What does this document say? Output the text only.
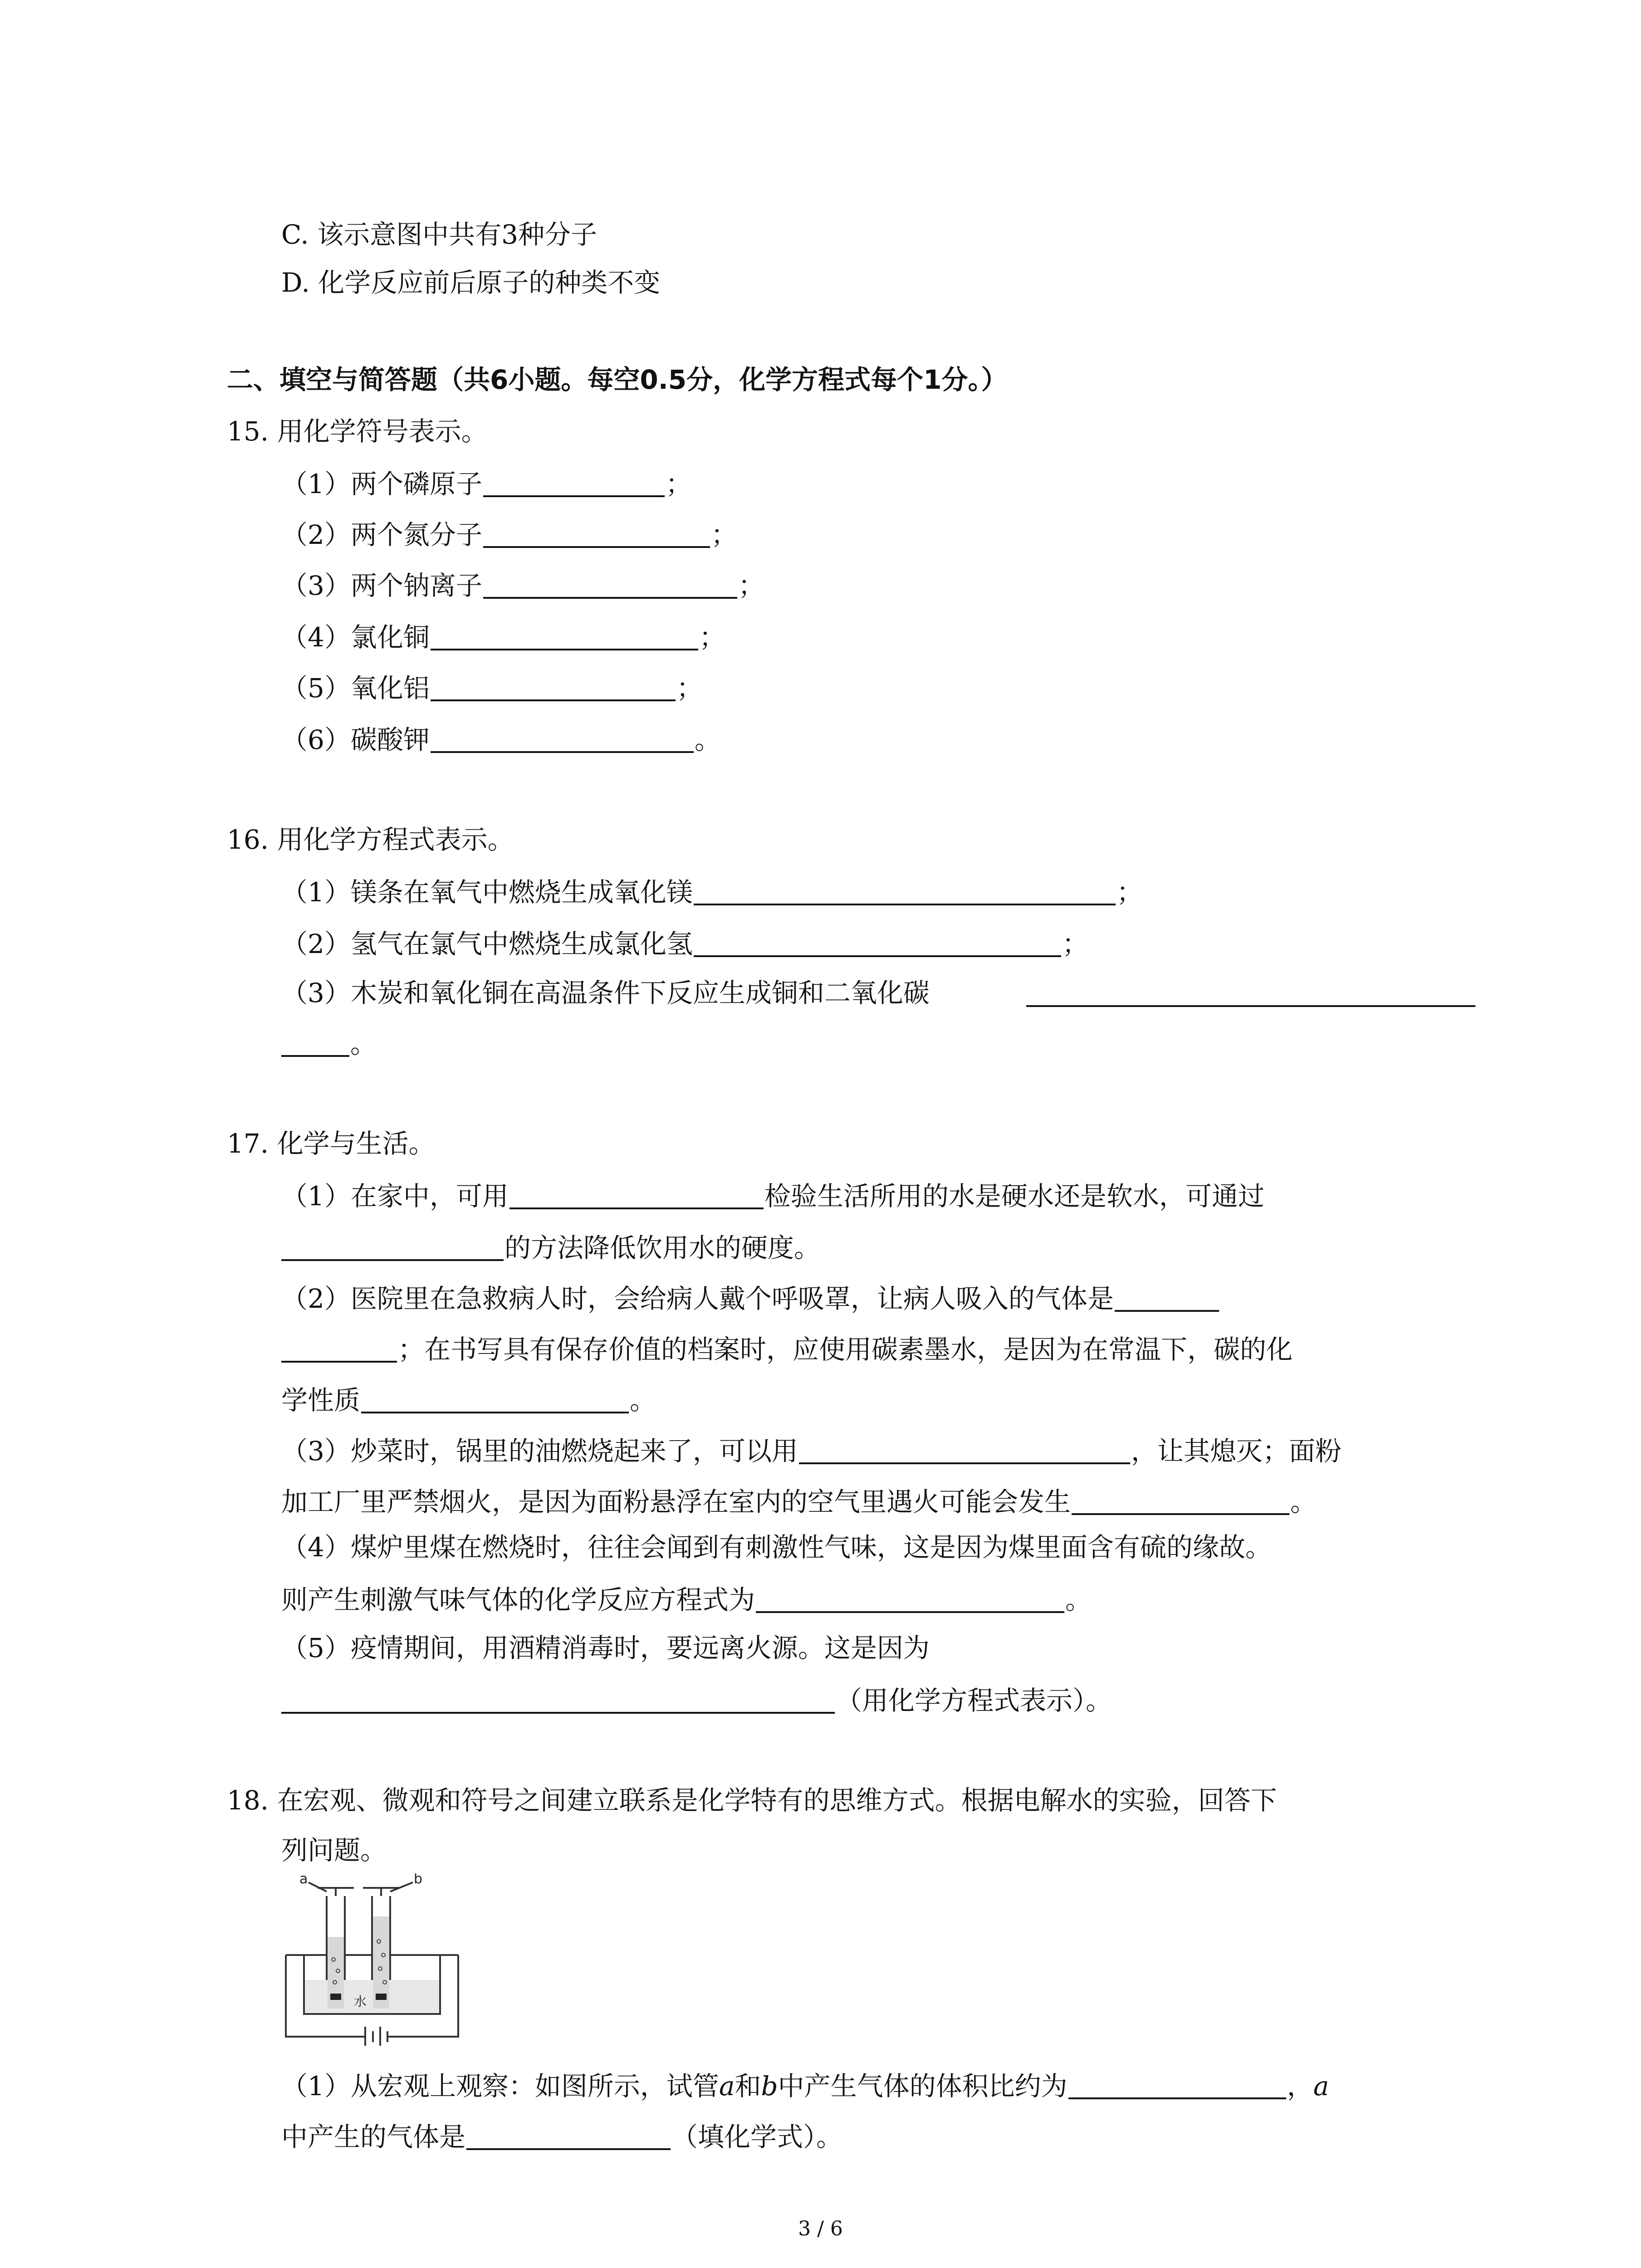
C. 该示意图中共有3种分子
D. 化学反应前后原子的种类不变
二、填空与简答题（共6小题。每空0.5分，化学方程式每个1分。）
15. 用化学符号表示。
（1）两个磷原子	；
（2）两个氮分子	；
（3）两个钠离子	；
（4）氯化铜	；
（5）氧化铝	；
（6）碳酸钾	。
16. 用化学方程式表示。
（1）镁条在氧气中燃烧生成氧化镁	；
（2）氢气在氯气中燃烧生成氯化氢	；
（3）木炭和氧化铜在高温条件下反应生成铜和二氧化碳
。
17. 化学与生活。
（1）在家中，可用	检验生活所用的水是硬水还是软水，可通过
的方法降低饮用水的硬度。
（2）医院里在急救病人时，会给病人戴个呼吸罩，让病人吸入的气体是
；在书写具有保存价值的档案时，应使用碳素墨水，是因为在常温下，碳的化
学性质	。
（3）炒菜时，锅里的油燃烧起来了，可以用	，让其熄灭；面粉
加工厂里严禁烟火，是因为面粉悬浮在室内的空气里遇火可能会发生	。
（4）煤炉里煤在燃烧时，往往会闻到有刺激性气味，这是因为煤里面含有硫的缘故。
则产生刺激气味气体的化学反应方程式为	。
（5）疫情期间，用酒精消毒时，要远离火源。这是因为
（用化学方程式表示）。
18. 在宏观、微观和符号之间建立联系是化学特有的思维方式。根据电解水的实验，回答下
列问题。
a	b
水
（1）从宏观上观察：如图所示，试管a和b中产生气体的体积比约为	，a
中产生的气体是	（填化学式）。
3 / 6
